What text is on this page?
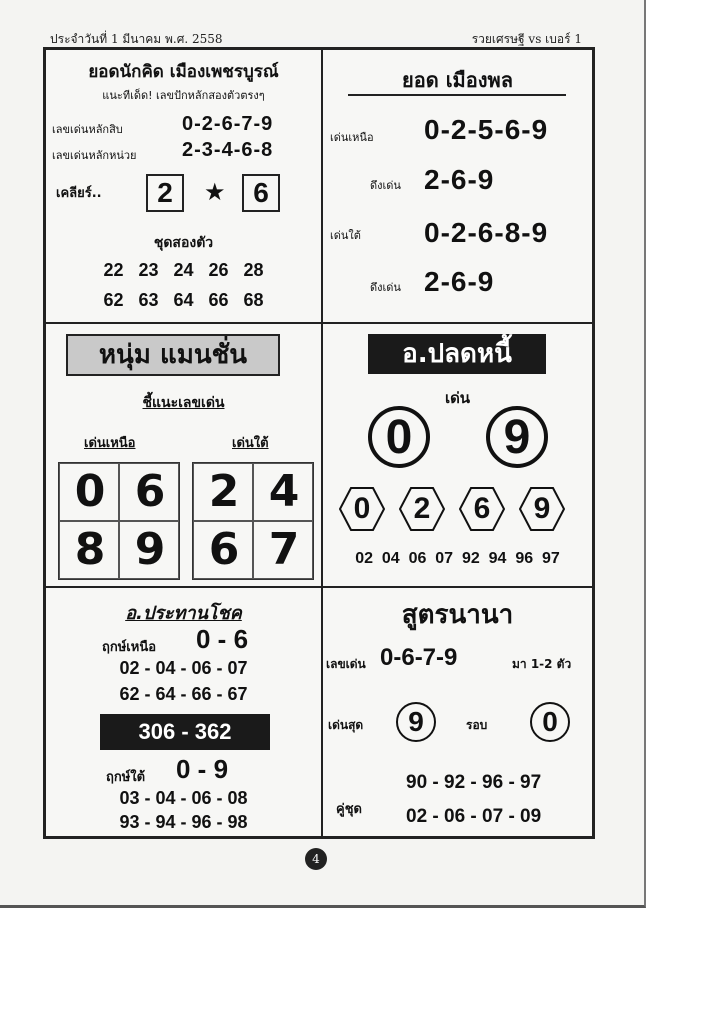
ประจำวันที่ 1 มีนาคม พ.ศ. 2558	รวยเศรษฐี vs เบอร์ 1
ยอดนักคิด เมืองเพชรบูรณ์
แนะทีเด็ด! เลขปักหลักสองตัวตรงๆ
เลขเด่นหลักสิบ	0-2-6-7-9
เลขเด่นหลักหน่วย 2-3-4-6-8
เคลียร์..	2	★ 6
ชุดสองตัว
22   23   24   26   28
62   63   64   66   68
ยอด เมืองพล
เด่นเหนือ 0-2-5-6-9
ดึงเด่น 2-6-9
เด่นใต้ 0-2-6-8-9
ดึงเด่น 2-6-9
หนุ่ม แมนชั่น
ชี้แนะเลขเด่น
เด่นเหนือ	เด่นใต้
0 6
8 9
2 4
6 7
อ.ปลดหนี้
เด่น
0	9
0	2	6	9
02  04  06  07  92  94  96  97
อ.ประทานโชค
ฤกษ์เหนือ 0 - 6
02 - 04 - 06 - 07
62 - 64 - 66 - 67
306 - 362
ฤกษ์ใต้ 0 - 9
03 - 04 - 06 - 08
93 - 94 - 96 - 98
สูตรนานา
เลขเด่น 0-6-7-9	มา 1-2 ตัว
เด่นสุด	9	รอบ	0
90 - 92 - 96 - 97
คู่ชุด 02 - 06 - 07 - 09
4
